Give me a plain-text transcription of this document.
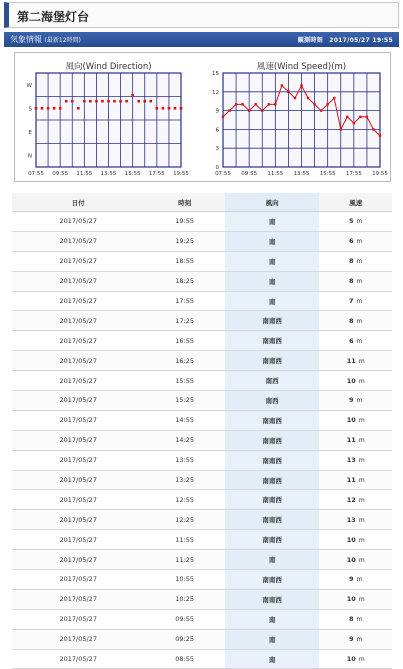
第二海堡灯台
気象情報 (最新12時間)	観測時刻　2017/05/27 19:55
風向(Wind Direction)
07:55 09:55 11:55 13:55 15:55 17:55 19:55
W
S
E
N
風速(Wind Speed)(m)
07:55 09:55 11:55 13:55 15:55 17:55 19:55
0
3
6
9
12
15
日付	時刻	風向	風速
2017/05/27	19:55	南	5 m
2017/05/27	19:25	南	6 m
2017/05/27	18:55	南	8 m
2017/05/27	18:25	南	8 m
2017/05/27	17:55	南	7 m
2017/05/27	17:25	南南西	8 m
2017/05/27	16:55	南南西	6 m
2017/05/27	16:25	南南西	11 m
2017/05/27	15:55	南西	10 m
2017/05/27	15:25	南西	9 m
2017/05/27	14:55	南南西	10 m
2017/05/27	14:25	南南西	11 m
2017/05/27	13:55	南南西	13 m
2017/05/27	13:25	南南西	11 m
2017/05/27	12:55	南南西	12 m
2017/05/27	12:25	南南西	13 m
2017/05/27	11:55	南南西	10 m
2017/05/27	11:25	南	10 m
2017/05/27	10:55	南南西	9 m
2017/05/27	10:25	南南西	10 m
2017/05/27	09:55	南	8 m
2017/05/27	09:25	南	9 m
2017/05/27	08:55	南	10 m
